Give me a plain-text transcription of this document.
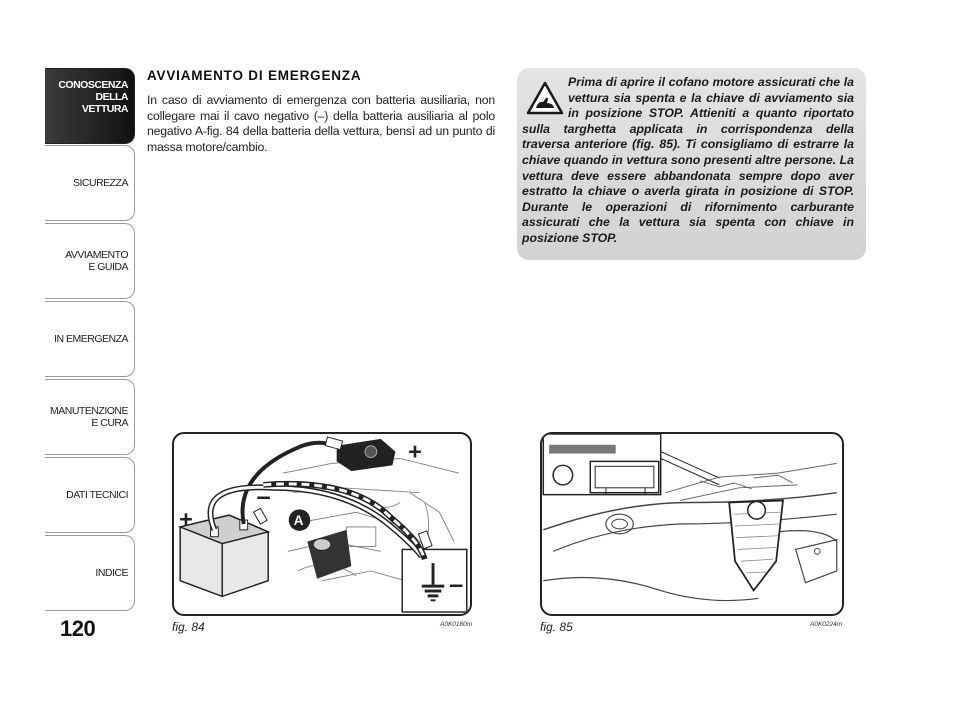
CONOSCENZA
DELLA
VETTURA
SICUREZZA
AVVIAMENTO
E GUIDA
IN EMERGENZA
MANUTENZIONE
E CURA
DATI TECNICI
INDICE
120
AVVIAMENTO DI EMERGENZA

In caso di avviamento di emergenza con batteria ausiliaria, non collegare mai il cavo negativo (–) della batteria ausiliaria al polo negativo A-fig. 84 della batteria della vettura, bensì ad un punto di massa motore/cambio.

Prima di aprire il cofano motore assicurati che la vettura sia spenta e la chiave di avviamento sia in posizione STOP. Attieniti a quanto riportato sulla targhetta applicata in corrispondenza della traversa anteriore (fig. 85). Ti consigliamo di estrarre la chiave quando in vettura sono presenti altre persone. La vettura deve essere abbandonata sempre dopo aver estratto la chiave o averla girata in posizione di STOP. Durante le operazioni di rifornimento carburante assicurati che la vettura sia spenta con chiave in posizione STOP.

+
+
–
–
A
fig. 84	A0K0180m	fig. 85	A0K0224m
